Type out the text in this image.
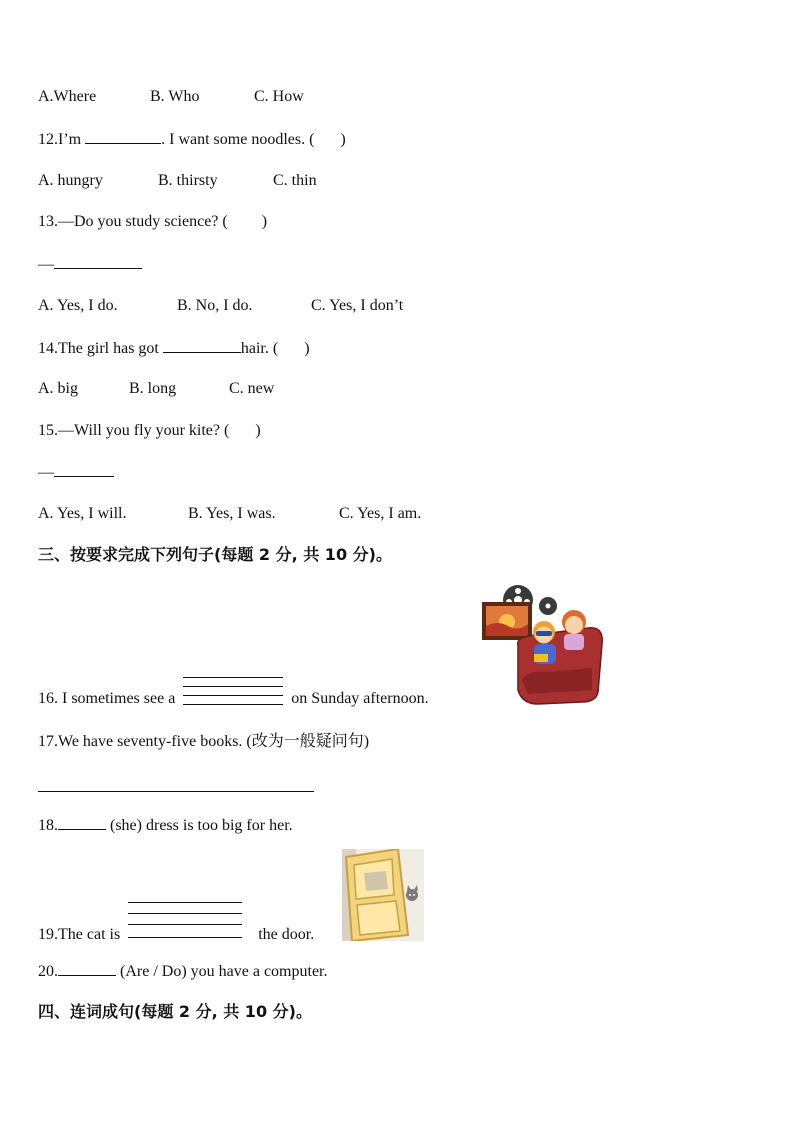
A.Where	B. Who	C. How
12.I’m	. I want some noodles. ( )
A. hungry	B. thirsty	C. thin
13.—Do you study science? ( )
—
A. Yes, I do.	B. No, I do.	C. Yes, I don’t
14.The girl has got	hair. ( )
A. big	B. long	C. new
15.—Will you fly your kite? ( )
—
A. Yes, I will.	B. Yes, I was.	C. Yes, I am.
三、按要求完成下列句子(每题 2 分, 共 10 分)。
16. I sometimes see a	on Sunday afternoon.
17.We have seventy-five books. (改为一般疑问句)
18.	(she) dress is too big for her.
19.The cat is	the door.
20.	(Are / Do) you have a computer.
四、连词成句(每题 2 分, 共 10 分)。
